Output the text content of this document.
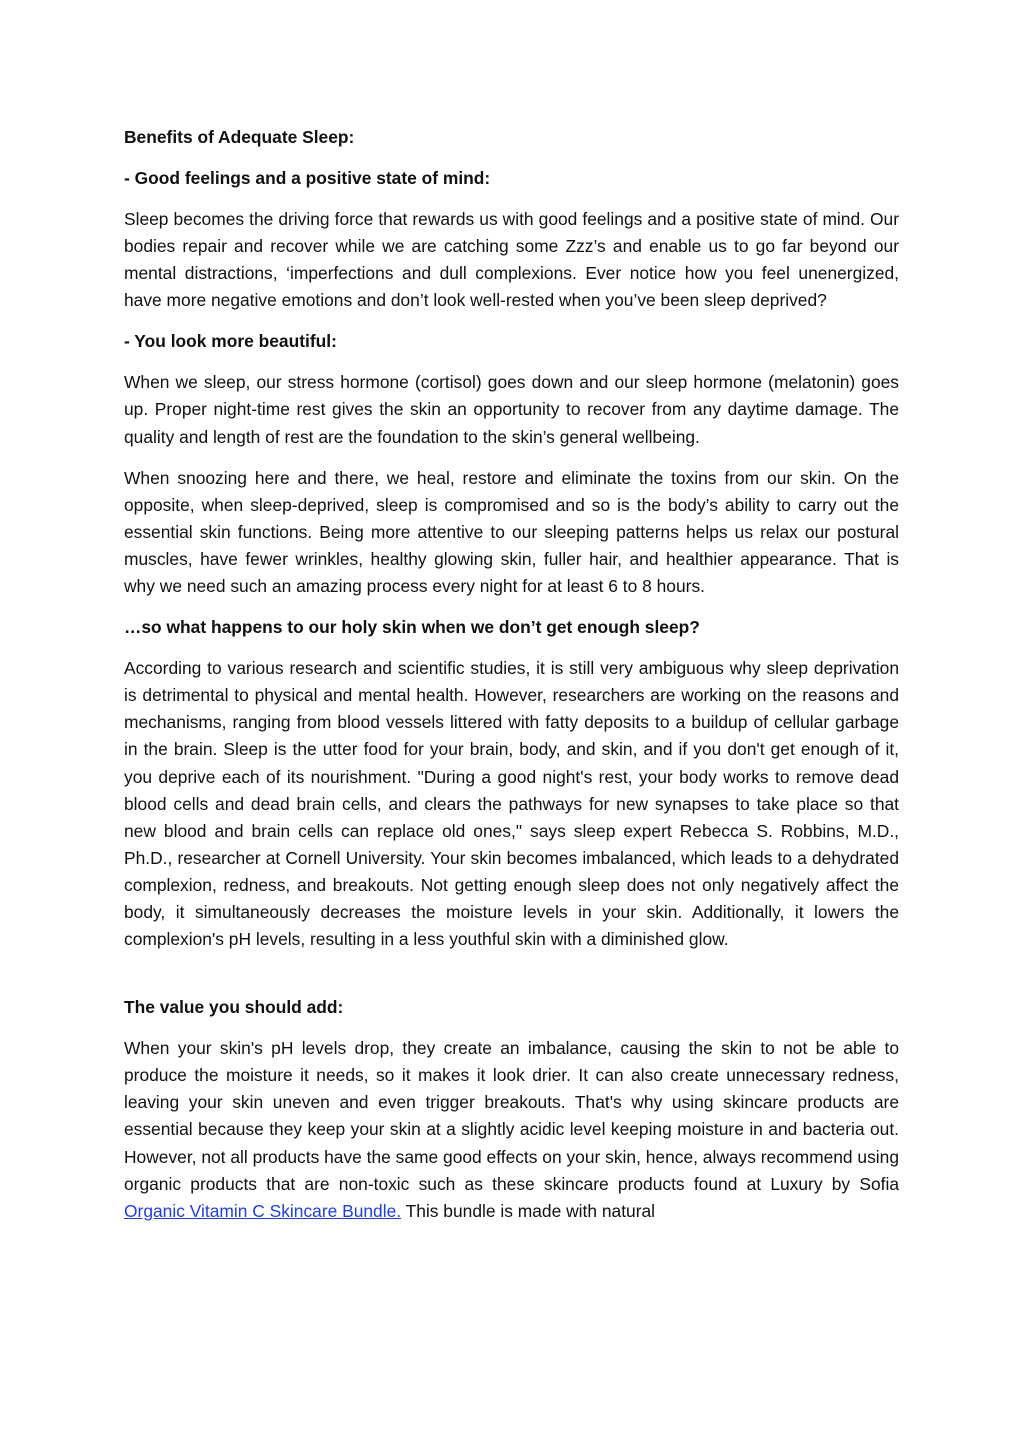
Benefits of Adequate Sleep:
- Good feelings and a positive state of mind:
Sleep becomes the driving force that rewards us with good feelings and a positive state of mind. Our bodies repair and recover while we are catching some Zzz’s and enable us to go far beyond our mental distractions, ‘imperfections and dull complexions. Ever notice how you feel unenergized, have more negative emotions and don’t look well-rested when you’ve been sleep deprived?
- You look more beautiful:
When we sleep, our stress hormone (cortisol) goes down and our sleep hormone (melatonin) goes up. Proper night-time rest gives the skin an opportunity to recover from any daytime damage. The quality and length of rest are the foundation to the skin’s general wellbeing.
When snoozing here and there, we heal, restore and eliminate the toxins from our skin. On the opposite, when sleep-deprived, sleep is compromised and so is the body’s ability to carry out the essential skin functions. Being more attentive to our sleeping patterns helps us relax our postural muscles, have fewer wrinkles, healthy glowing skin, fuller hair, and healthier appearance. That is why we need such an amazing process every night for at least 6 to 8 hours.
…so what happens to our holy skin when we don’t get enough sleep?
According to various research and scientific studies, it is still very ambiguous why sleep deprivation is detrimental to physical and mental health. However, researchers are working on the reasons and mechanisms, ranging from blood vessels littered with fatty deposits to a buildup of cellular garbage in the brain. Sleep is the utter food for your brain, body, and skin, and if you don't get enough of it, you deprive each of its nourishment. "During a good night's rest, your body works to remove dead blood cells and dead brain cells, and clears the pathways for new synapses to take place so that new blood and brain cells can replace old ones," says sleep expert Rebecca S. Robbins, M.D., Ph.D., researcher at Cornell University. Your skin becomes imbalanced, which leads to a dehydrated complexion, redness, and breakouts. Not getting enough sleep does not only negatively affect the body, it simultaneously decreases the moisture levels in your skin. Additionally, it lowers the complexion's pH levels, resulting in a less youthful skin with a diminished glow.
The value you should add:
When your skin's pH levels drop, they create an imbalance, causing the skin to not be able to produce the moisture it needs, so it makes it look drier. It can also create unnecessary redness, leaving your skin uneven and even trigger breakouts. That's why using skincare products are essential because they keep your skin at a slightly acidic level keeping moisture in and bacteria out. However, not all products have the same good effects on your skin, hence, always recommend using organic products that are non-toxic such as these skincare products found at Luxury by Sofia Organic Vitamin C Skincare Bundle. This bundle is made with natural
